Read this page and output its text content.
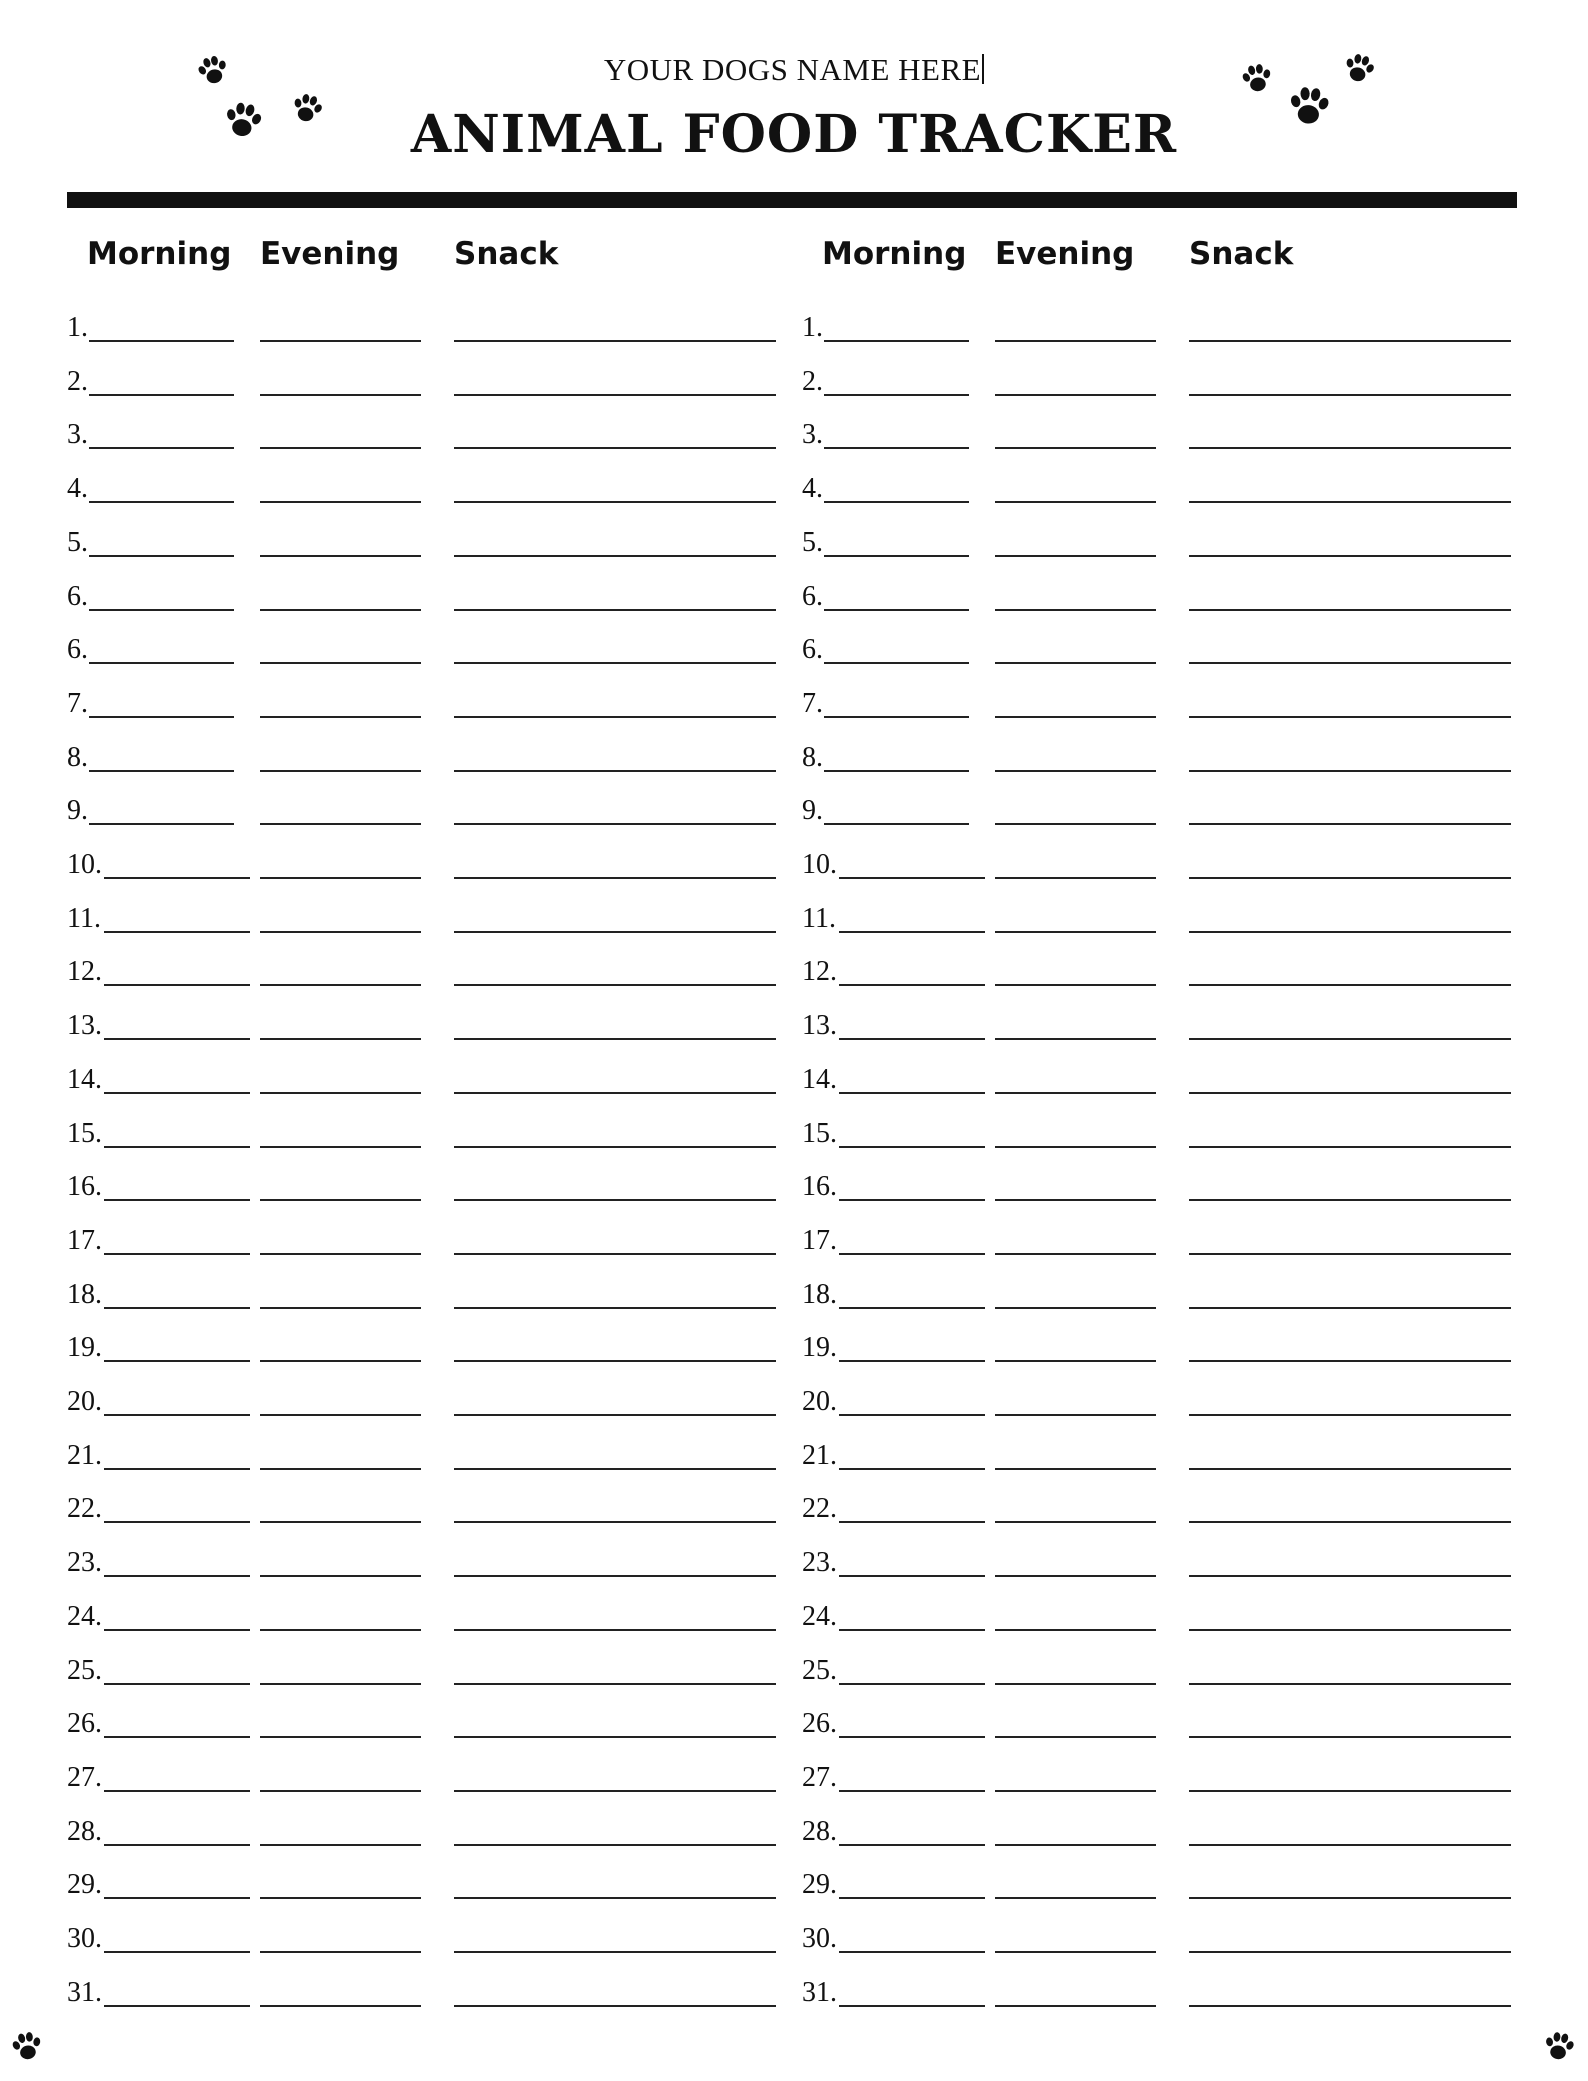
YOUR DOGS NAME HERE
ANIMAL FOOD TRACKER
Morning Evening Snack
1.
2.
3.
4.
5.
6.
6.
7.
8.
9.
10.
11.
12.
13.
14.
15.
16.
17.
18.
19.
20.
21.
22.
23.
24.
25.
26.
27.
28.
29.
30.
31.
Morning Evening Snack
1.
2.
3.
4.
5.
6.
6.
7.
8.
9.
10.
11.
12.
13.
14.
15.
16.
17.
18.
19.
20.
21.
22.
23.
24.
25.
26.
27.
28.
29.
30.
31.
